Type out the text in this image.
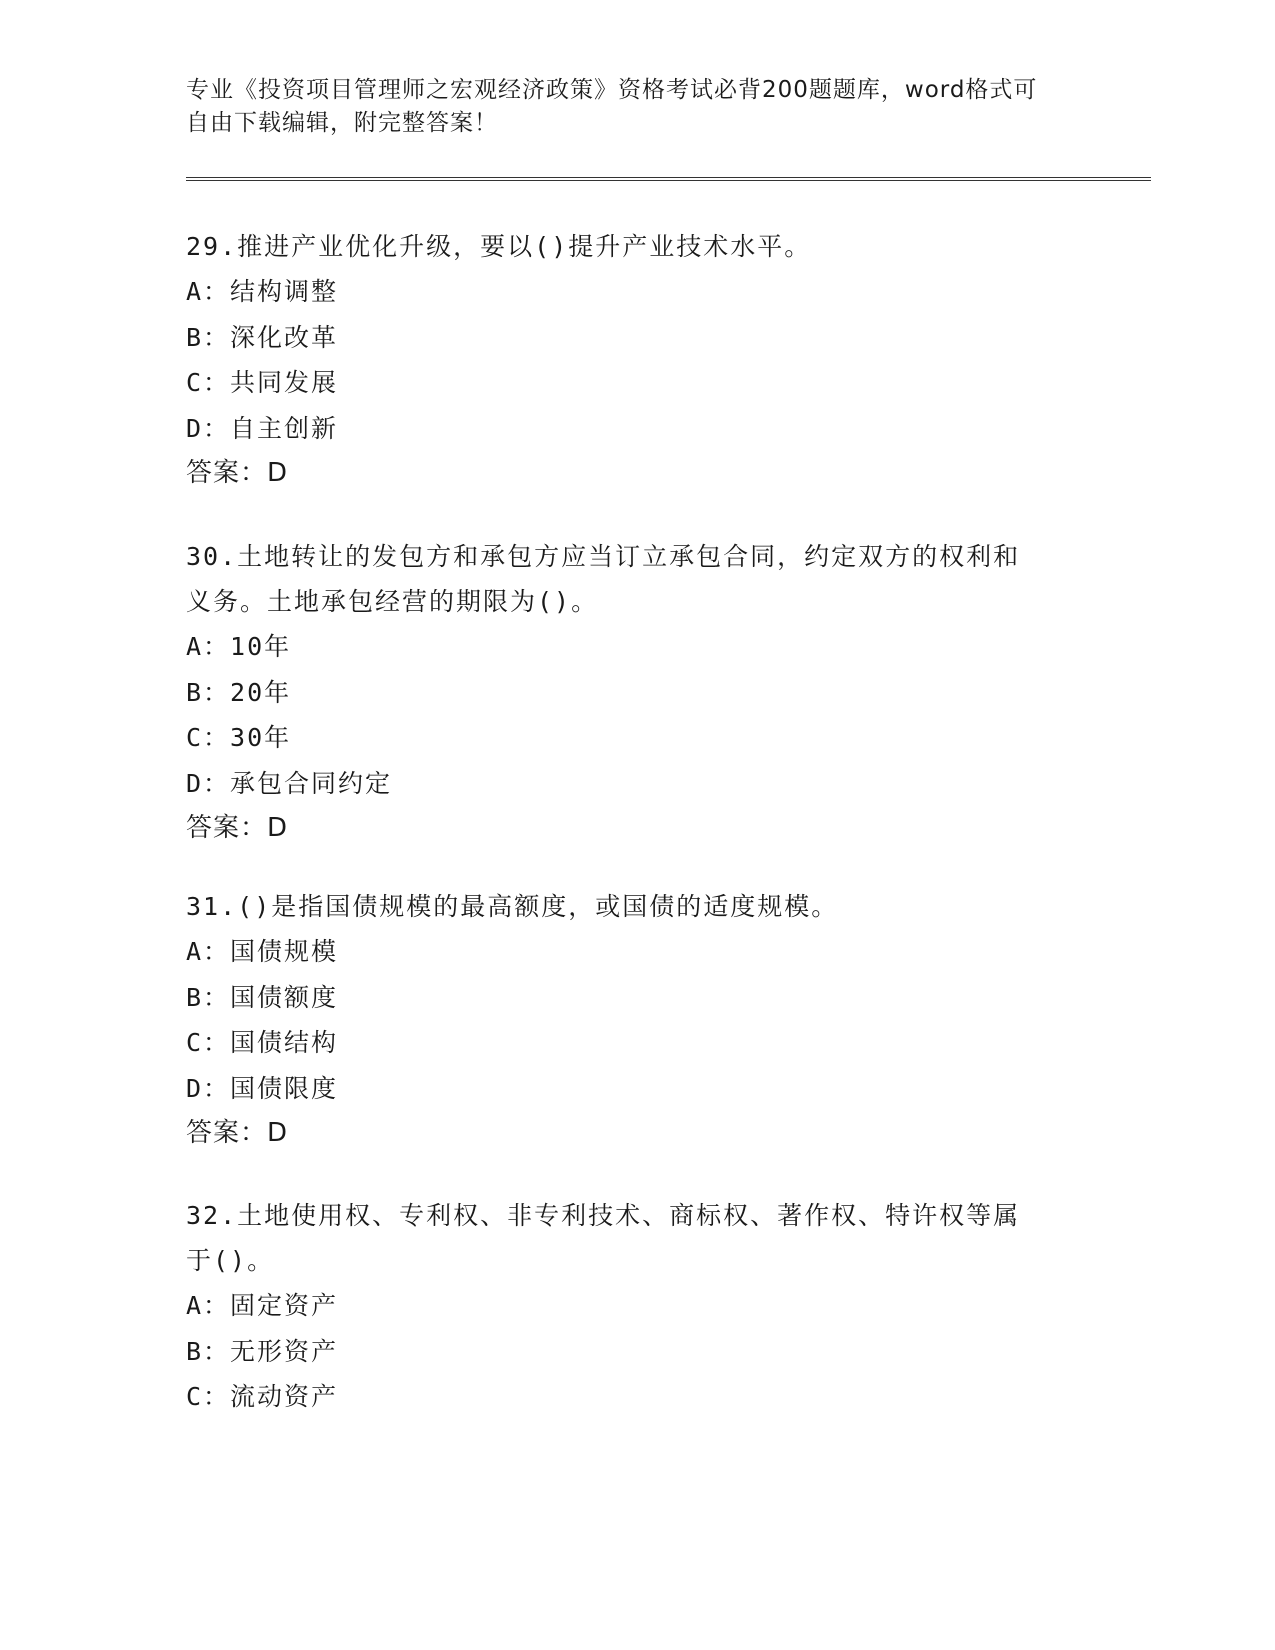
专业《投资项目管理师之宏观经济政策》资格考试必背200题题库，word格式可
自由下载编辑，附完整答案！

29.推进产业优化升级，要以()提升产业技术水平。

A：结构调整

B：深化改革

C：共同发展

D：自主创新

答案：D

30.土地转让的发包方和承包方应当订立承包合同，约定双方的权利和
义务。土地承包经营的期限为()。

A：10年

B：20年

C：30年

D：承包合同约定

答案：D

31.()是指国债规模的最高额度，或国债的适度规模。

A：国债规模

B：国债额度

C：国债结构

D：国债限度

答案：D

32.土地使用权、专利权、非专利技术、商标权、著作权、特许权等属
于()。

A：固定资产

B：无形资产

C：流动资产
